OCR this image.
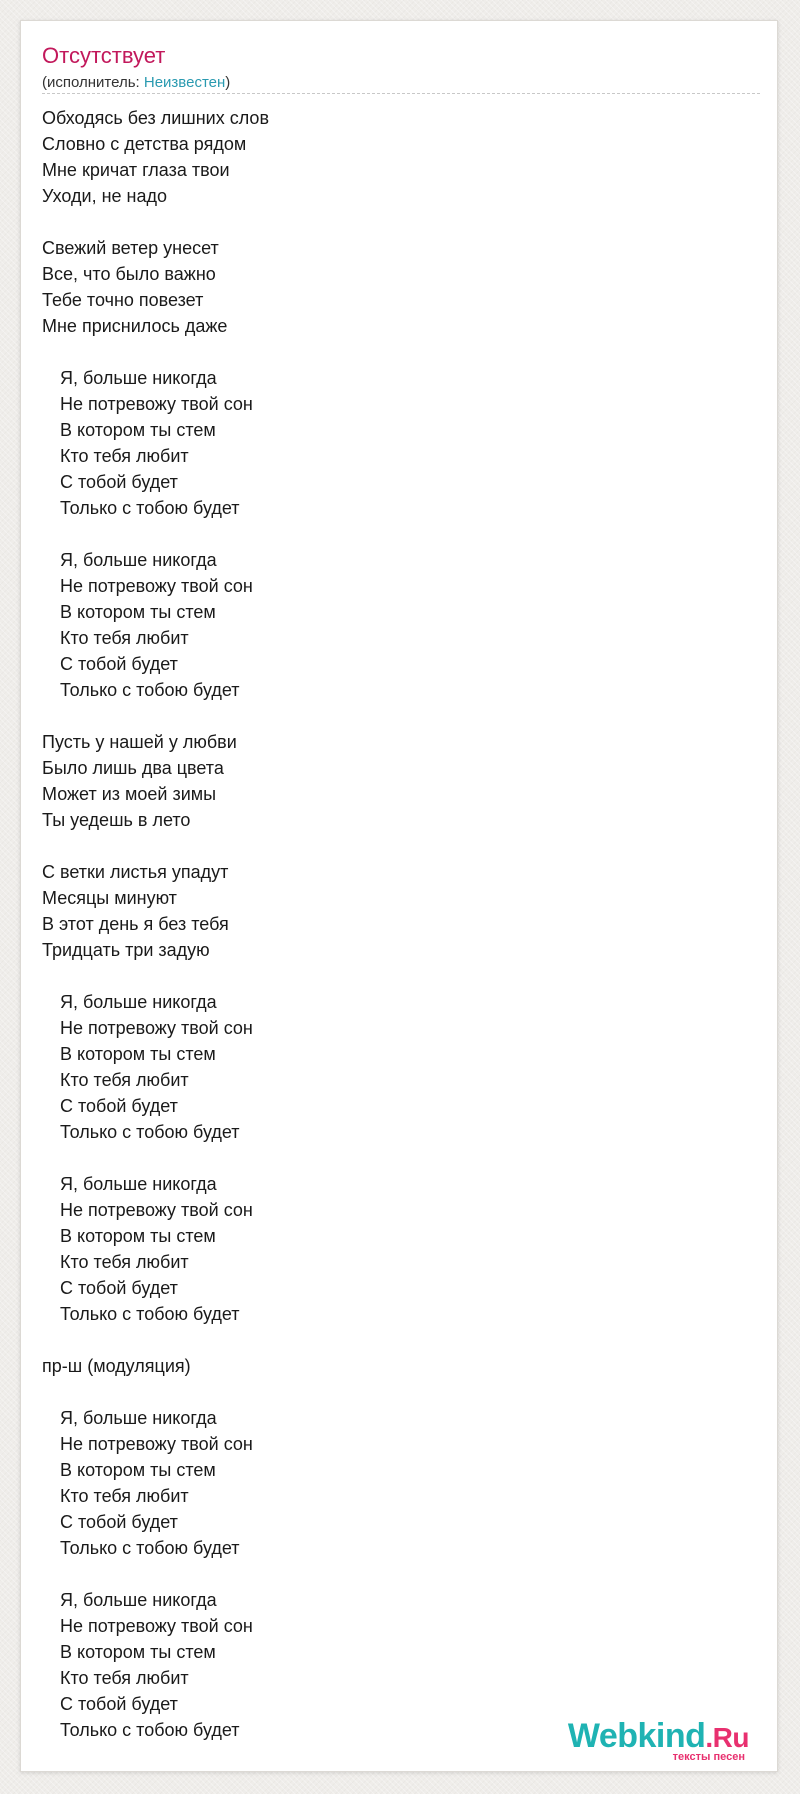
Отсутствует
(исполнитель: Неизвестен)
Обходясь без лишних слов
Словно с детства рядом
Мне кричат глаза твои
Уходи, не надо
Свежий ветер унесет
Все, что было важно
Тебе точно повезет
Мне приснилось даже
Я, больше никогда
Не потревожу твой сон
В котором ты стем
Кто тебя любит
С тобой будет
Только с тобою будет
Я, больше никогда
Не потревожу твой сон
В котором ты стем
Кто тебя любит
С тобой будет
Только с тобою будет
Пусть у нашей у любви
Было лишь два цвета
Может из моей зимы
Ты уедешь в лето
С ветки листья упадут
Месяцы минуют
В этот день я без тебя
Тридцать три задую
Я, больше никогда
Не потревожу твой сон
В котором ты стем
Кто тебя любит
С тобой будет
Только с тобою будет
Я, больше никогда
Не потревожу твой сон
В котором ты стем
Кто тебя любит
С тобой будет
Только с тобою будет
пр-ш (модуляция)
Я, больше никогда
Не потревожу твой сон
В котором ты стем
Кто тебя любит
С тобой будет
Только с тобою будет
Я, больше никогда
Не потревожу твой сон
В котором ты стем
Кто тебя любит
С тобой будет
Только с тобою будет	Webkind.Ru
тексты песен
